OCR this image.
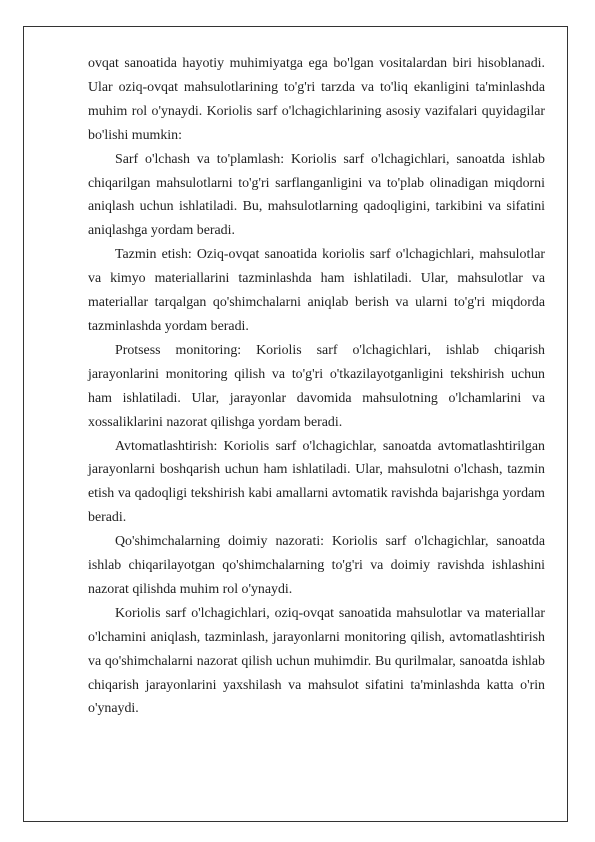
ovqat sanoatida hayotiy muhimiyatga ega bo'lgan vositalardan biri hisoblanadi. Ular oziq-ovqat mahsulotlarining to'g'ri tarzda va to'liq ekanligini ta'minlashda muhim rol o'ynaydi. Koriolis sarf o'lchagichlarining asosiy vazifalari quyidagilar bo'lishi mumkin:

Sarf o'lchash va to'plamlash: Koriolis sarf o'lchagichlari, sanoatda ishlab chiqarilgan mahsulotlarni to'g'ri sarflanganligini va to'plab olinadigan miqdorni aniqlash uchun ishlatiladi. Bu, mahsulotlarning qadoqligini, tarkibini va sifatini aniqlashga yordam beradi.

Tazmin etish: Oziq-ovqat sanoatida koriolis sarf o'lchagichlari, mahsulotlar va kimyo materiallarini tazminlashda ham ishlatiladi. Ular, mahsulotlar va materiallar tarqalgan qo'shimchalarni aniqlab berish va ularni to'g'ri miqdorda tazminlashda yordam beradi.

Protsess monitoring: Koriolis sarf o'lchagichlari, ishlab chiqarish jarayonlarini monitoring qilish va to'g'ri o'tkazilayotganligini tekshirish uchun ham ishlatiladi. Ular, jarayonlar davomida mahsulotning o'lchamlarini va xossaliklarini nazorat qilishga yordam beradi.

Avtomatlashtirish: Koriolis sarf o'lchagichlar, sanoatda avtomatlashtirilgan jarayonlarni boshqarish uchun ham ishlatiladi. Ular, mahsulotni o'lchash, tazmin etish va qadoqligi tekshirish kabi amallarni avtomatik ravishda bajarishga yordam beradi.

Qo'shimchalarning doimiy nazorati: Koriolis sarf o'lchagichlar, sanoatda ishlab chiqarilayotgan qo'shimchalarning to'g'ri va doimiy ravishda ishlashini nazorat qilishda muhim rol o'ynaydi.

Koriolis sarf o'lchagichlari, oziq-ovqat sanoatida mahsulotlar va materiallar o'lchamini aniqlash, tazminlash, jarayonlarni monitoring qilish, avtomatlashtirish va qo'shimchalarni nazorat qilish uchun muhimdir. Bu qurilmalar, sanoatda ishlab chiqarish jarayonlarini yaxshilash va mahsulot sifatini ta'minlashda katta o'rin o'ynaydi.
